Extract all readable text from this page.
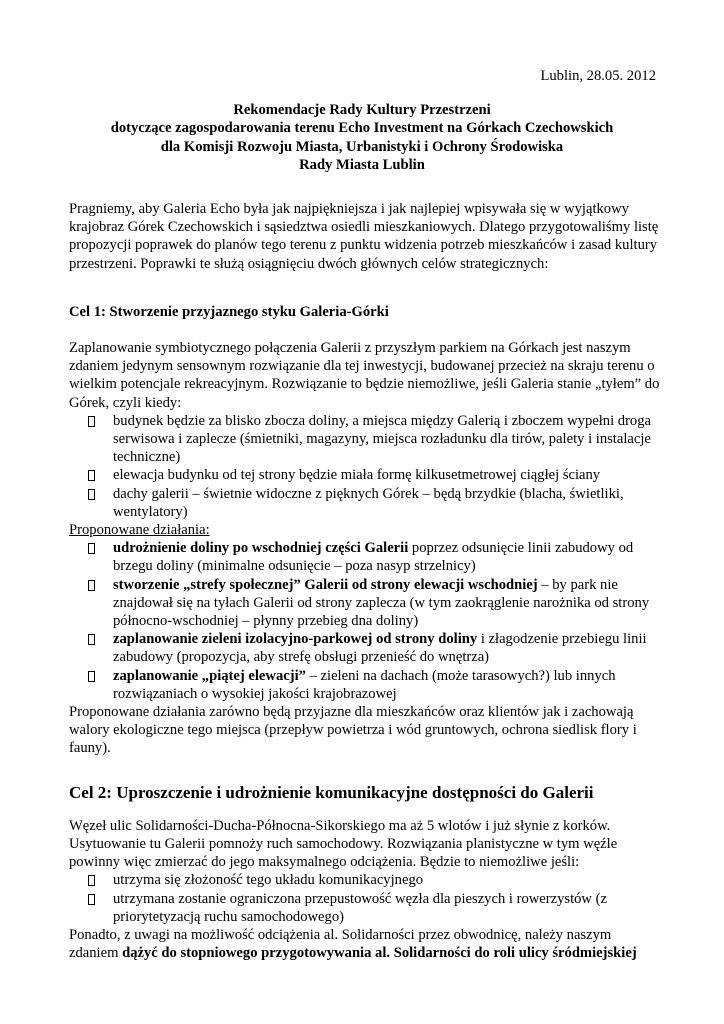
Lublin, 28.05. 2012
Rekomendacje Rady Kultury Przestrzeni
dotyczące zagospodarowania terenu Echo Investment na Górkach Czechowskich
dla Komisji Rozwoju Miasta, Urbanistyki i Ochrony Środowiska
Rady Miasta Lublin

Pragniemy, aby Galeria Echo była jak najpiękniejsza i jak najlepiej wpisywała się w wyjątkowy krajobraz Górek Czechowskich i sąsiedztwa osiedli mieszkaniowych. Dlatego przygotowaliśmy listę propozycji poprawek do planów tego terenu z punktu widzenia potrzeb mieszkańców i zasad kultury przestrzeni. Poprawki te służą osiągnięciu dwóch głównych celów strategicznych:

Cel 1: Stworzenie przyjaznego styku Galeria-Górki

Zaplanowanie symbiotycznego połączenia Galerii z przyszłym parkiem na Górkach jest naszym zdaniem jedynym sensownym rozwiązanie dla tej inwestycji, budowanej przecież na skraju terenu o wielkim potencjale rekreacyjnym. Rozwiązanie to będzie niemożliwe, jeśli Galeria stanie „tyłem” do Górek, czyli kiedy:

budynek będzie za blisko zbocza doliny, a miejsca między Galerią i zboczem wypełni droga serwisowa i zaplecze (śmietniki, magazyny, miejsca rozładunku dla tirów, palety i instalacje techniczne)
elewacja budynku od tej strony będzie miała formę kilkusetmetrowej ciągłej ściany
dachy galerii – świetnie widoczne z pięknych Górek – będą brzydkie (blacha, świetliki, wentylatory)

Proponowane działania:

udrożnienie doliny po wschodniej części Galerii poprzez odsunięcie linii zabudowy od brzegu doliny (minimalne odsunięcie – poza nasyp strzelnicy)
stworzenie „strefy społecznej” Galerii od strony elewacji wschodniej – by park nie znajdował się na tyłach Galerii od strony zaplecza (w tym zaokrąglenie narożnika od strony północno-wschodniej – płynny przebieg dna doliny)
zaplanowanie zieleni izolacyjno-parkowej od strony doliny i złagodzenie przebiegu linii zabudowy (propozycja, aby strefę obsługi przenieść do wnętrza)
zaplanowanie „piątej elewacji” – zieleni na dachach (może tarasowych?) lub innych rozwiązaniach o wysokiej jakości krajobrazowej

Proponowane działania zarówno będą przyjazne dla mieszkańców oraz klientów jak i zachowają walory ekologiczne tego miejsca (przepływ powietrza i wód gruntowych, ochrona siedlisk flory i fauny).

Cel 2: Uproszczenie i udrożnienie komunikacyjne dostępności do Galerii

Węzeł ulic Solidarności-Ducha-Północna-Sikorskiego ma aż 5 wlotów i już słynie z korków. Usytuowanie tu Galerii pomnoży ruch samochodowy. Rozwiązania planistyczne w tym węźle powinny więc zmierzać do jego maksymalnego odciążenia. Będzie to niemożliwe jeśli:

utrzyma się złożoność tego układu komunikacyjnego
utrzymana zostanie ograniczona przepustowość węzła dla pieszych i rowerzystów (z priorytetyzacją ruchu samochodowego)

Ponadto, z uwagi na możliwość odciążenia al. Solidarności przez obwodnicę, należy naszym zdaniem dążyć do stopniowego przygotowywania al. Solidarności do roli ulicy śródmiejskiej
